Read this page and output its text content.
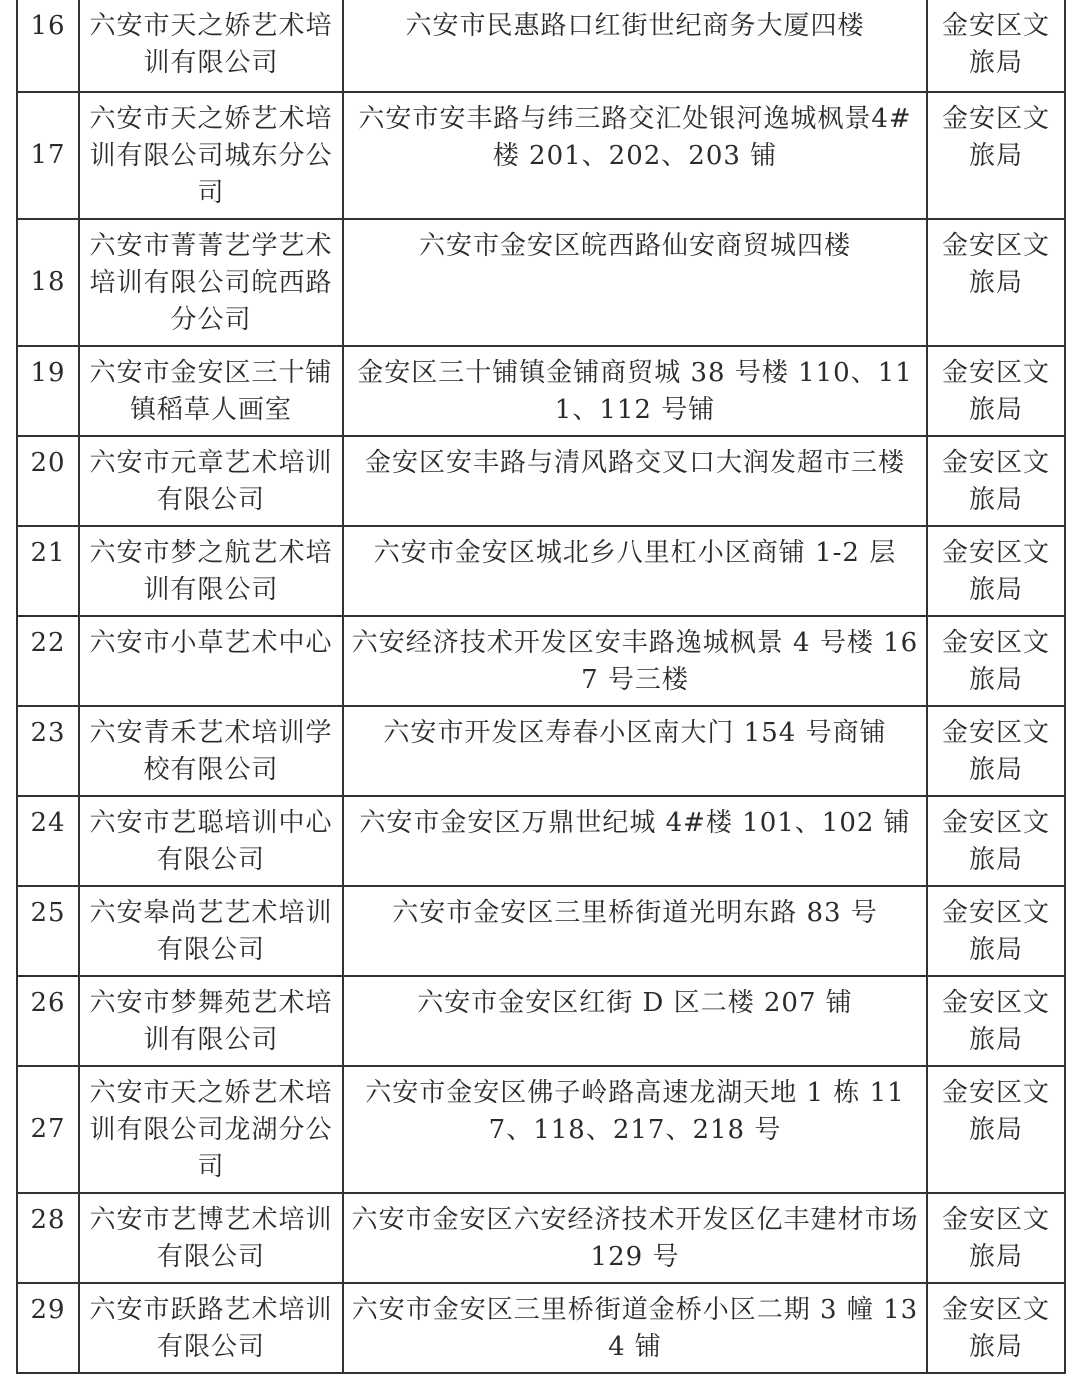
16	六安市天之娇艺术培训有限公司	六安市民惠路口红街世纪商务大厦四楼	金安区文旅局
17	六安市天之娇艺术培训有限公司城东分公司	六安市安丰路与纬三路交汇处银河逸城枫景4#楼 201、202、203 铺	金安区文旅局
18	六安市菁菁艺学艺术培训有限公司皖西路分公司	六安市金安区皖西路仙安商贸城四楼	金安区文旅局
19	六安市金安区三十铺镇稻草人画室	金安区三十铺镇金铺商贸城 38 号楼 110、111、112 号铺	金安区文旅局
20	六安市元章艺术培训有限公司	金安区安丰路与清风路交叉口大润发超市三楼	金安区文旅局
21	六安市梦之航艺术培训有限公司	六安市金安区城北乡八里杠小区商铺 1-2 层	金安区文旅局
22	六安市小草艺术中心	六安经济技术开发区安丰路逸城枫景 4 号楼 167 号三楼	金安区文旅局
23	六安青禾艺术培训学校有限公司	六安市开发区寿春小区南大门 154 号商铺	金安区文旅局
24	六安市艺聪培训中心有限公司	六安市金安区万鼎世纪城 4#楼 101、102 铺	金安区文旅局
25	六安皋尚艺艺术培训有限公司	六安市金安区三里桥街道光明东路 83 号	金安区文旅局
26	六安市梦舞苑艺术培训有限公司	六安市金安区红街 D 区二楼 207 铺	金安区文旅局
27	六安市天之娇艺术培训有限公司龙湖分公司	六安市金安区佛子岭路高速龙湖天地 1 栋 117、118、217、218 号	金安区文旅局
28	六安市艺博艺术培训有限公司	六安市金安区六安经济技术开发区亿丰建材市场 129 号	金安区文旅局
29	六安市跃路艺术培训有限公司	六安市金安区三里桥街道金桥小区二期 3 幢 134 铺	金安区文旅局
